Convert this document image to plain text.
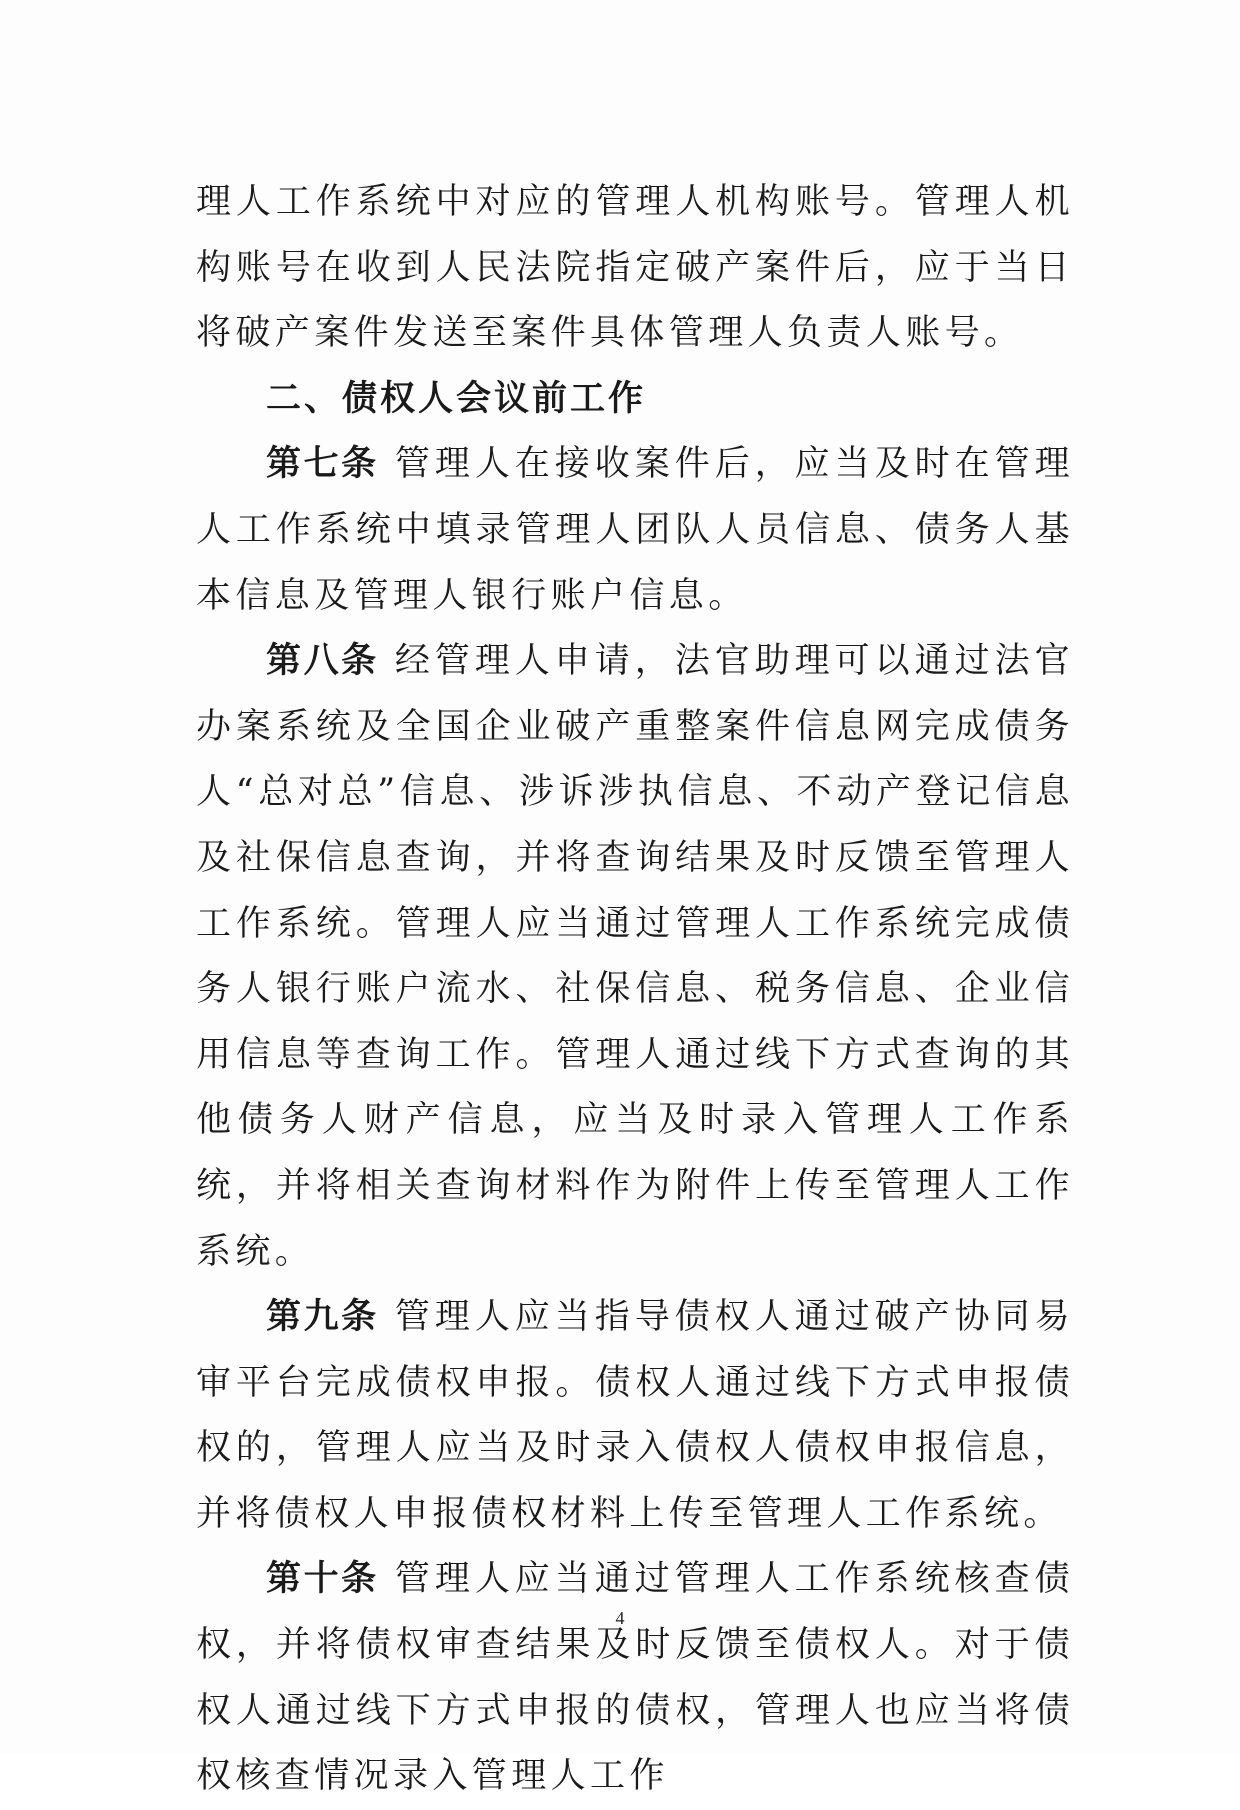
理人工作系统中对应的管理人机构账号。管理人机构账号在收到人民法院指定破产案件后，应于当日将破产案件发送至案件具体管理人负责人账号。

二、债权人会议前工作

第七条 管理人在接收案件后，应当及时在管理人工作系统中填录管理人团队人员信息、债务人基本信息及管理人银行账户信息。

第八条 经管理人申请，法官助理可以通过法官办案系统及全国企业破产重整案件信息网完成债务人“总对总”信息、涉诉涉执信息、不动产登记信息及社保信息查询，并将查询结果及时反馈至管理人工作系统。管理人应当通过管理人工作系统完成债务人银行账户流水、社保信息、税务信息、企业信用信息等查询工作。管理人通过线下方式查询的其他债务人财产信息，应当及时录入管理人工作系统，并将相关查询材料作为附件上传至管理人工作系统。

第九条 管理人应当指导债权人通过破产协同易审平台完成债权申报。债权人通过线下方式申报债权的，管理人应当及时录入债权人债权申报信息，并将债权人申报债权材料上传至管理人工作系统。

第十条 管理人应当通过管理人工作系统核查债权，并将债权审查结果及时反馈至债权人。对于债权人通过线下方式申报的债权，管理人也应当将债权核查情况录入管理人工作

4
